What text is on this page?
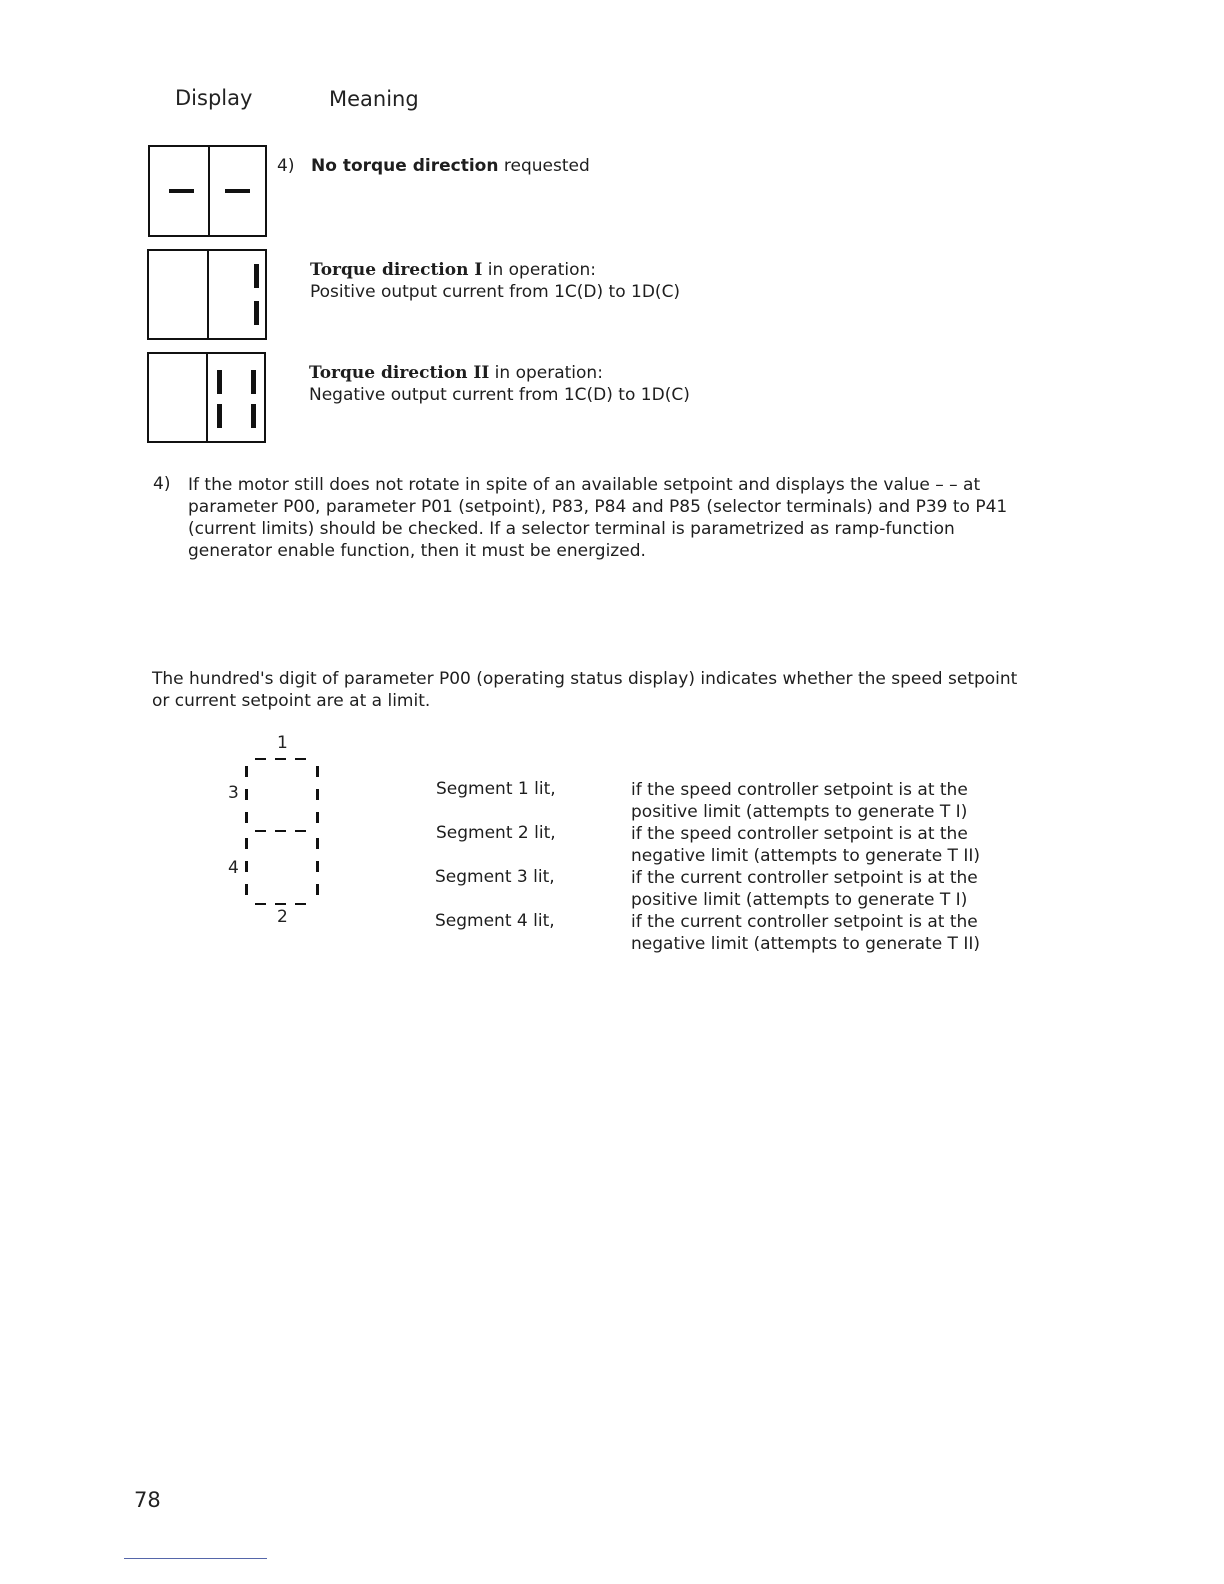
Display	Meaning
4) No torque direction requested
Torque direction I in operation:
Positive output current from 1C(D) to 1D(C)
Torque direction II in operation:
Negative output current from 1C(D) to 1D(C)
4) If the motor still does not rotate in spite of an available setpoint and displays the value – – at
parameter P00, parameter P01 (setpoint), P83, P84 and P85 (selector terminals) and P39 to P41
(current limits) should be checked. If a selector terminal is parametrized as ramp-function
generator enable function, then it must be energized.
The hundred's digit of parameter P00 (operating status display) indicates whether the speed setpoint
or current setpoint are at a limit.
1
3
4
2
Segment 1 lit,
Segment 2 lit,
Segment 3 lit,
Segment 4 lit,
if the speed controller setpoint is at the
positive limit (attempts to generate T I)
if the speed controller setpoint is at the
negative limit (attempts to generate T II)
if the current controller setpoint is at the
positive limit (attempts to generate T I)
if the current controller setpoint is at the
negative limit (attempts to generate T II)
78
